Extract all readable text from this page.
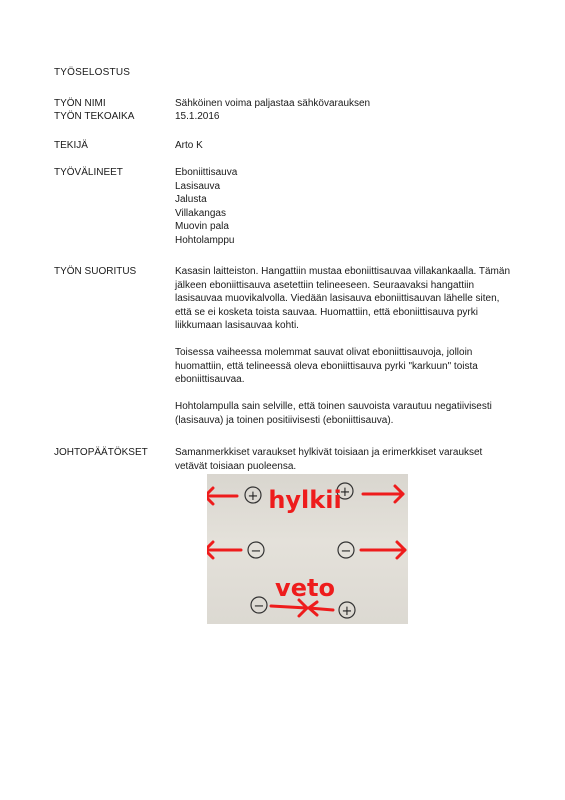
TYÖSELOSTUS
TYÖN NIMI	Sähköinen voima paljastaa sähkövarauksen
TYÖN TEKOAIKA	15.1.2016
TEKIJÄ	Arto K
TYÖVÄLINEET	Eboniittisauva
Lasisauva
Jalusta
Villakangas
Muovin pala
Hohtolamppu
TYÖN SUORITUS	Kasasin laitteiston. Hangattiin mustaa eboniittisauvaa villakankaalla. Tämän jälkeen eboniittisauva asetettiin telineeseen. Seuraavaksi hangattiin lasisauvaa muovikalvolla. Viedään lasisauva eboniittisauvan lähelle siten, että se ei kosketa toista sauvaa. Huomattiin, että eboniittisauva pyrki liikkumaan lasisauvaa kohti.

Toisessa vaiheessa molemmat sauvat olivat eboniittisauvoja, jolloin huomattiin, että telineessä oleva eboniittisauva pyrki "karkuun" toista eboniittisauvaa.

Hohtolampulla sain selville, että toinen sauvoista varautuu negatiivisesti (lasisauva) ja toinen positiivisesti (eboniittisauva).

JOHTOPÄÄTÖKSET	Samanmerkkiset varaukset hylkivät toisiaan ja erimerkkiset varaukset vetävät toisiaan puoleensa.
+	+
−	−
−	+
hylkii
veto
